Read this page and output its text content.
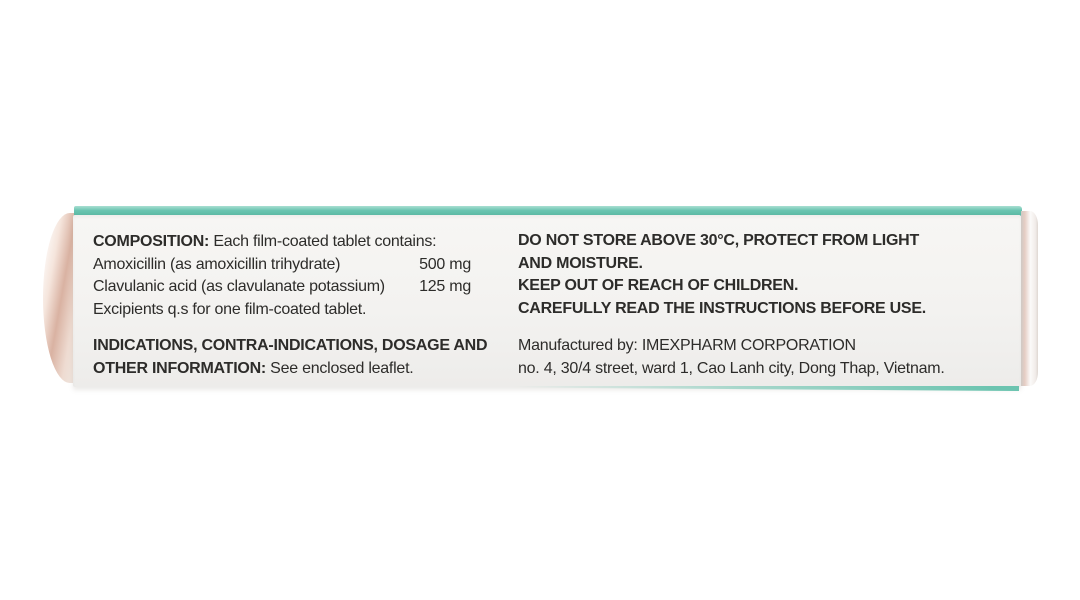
COMPOSITION: Each film-coated tablet contains:
Amoxicillin (as amoxicillin trihydrate)	500 mg
Clavulanic acid (as clavulanate potassium) 125 mg
Excipients q.s for one film-coated tablet.
INDICATIONS, CONTRA-INDICATIONS, DOSAGE AND
OTHER INFORMATION: See enclosed leaflet.
DO NOT STORE ABOVE 30°C, PROTECT FROM LIGHT
AND MOISTURE.
KEEP OUT OF REACH OF CHILDREN.
CAREFULLY READ THE INSTRUCTIONS BEFORE USE.
Manufactured by: IMEXPHARM CORPORATION
no. 4, 30/4 street, ward 1, Cao Lanh city, Dong Thap, Vietnam.
